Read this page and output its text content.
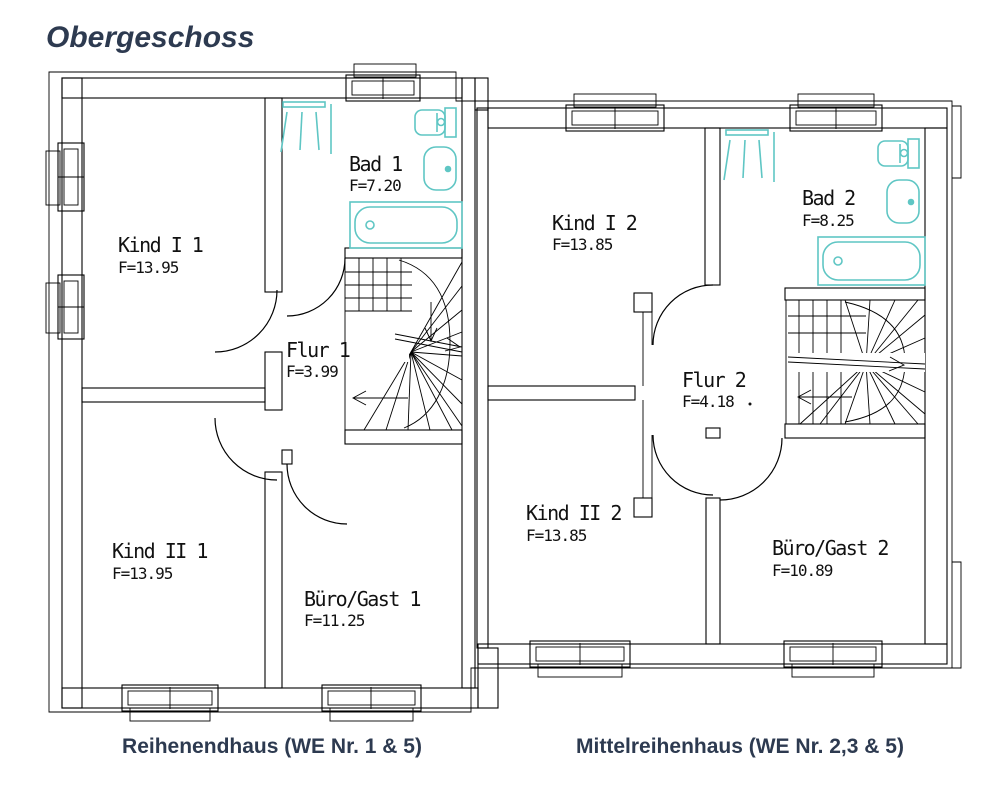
Obergeschoss
Kind I 1
F=13.95
Bad 1
F=7.20
Flur 1
F=3.99
Kind II 1
F=13.95
Büro/Gast 1
F=11.25
Kind I 2
F=13.85
Bad 2
F=8.25
Flur 2
F=4.18
Kind II 2
F=13.85
Büro/Gast 2
F=10.89
Reihenendhaus (WE Nr. 1 & 5)	Mittelreihenhaus (WE Nr. 2,3 & 5)
